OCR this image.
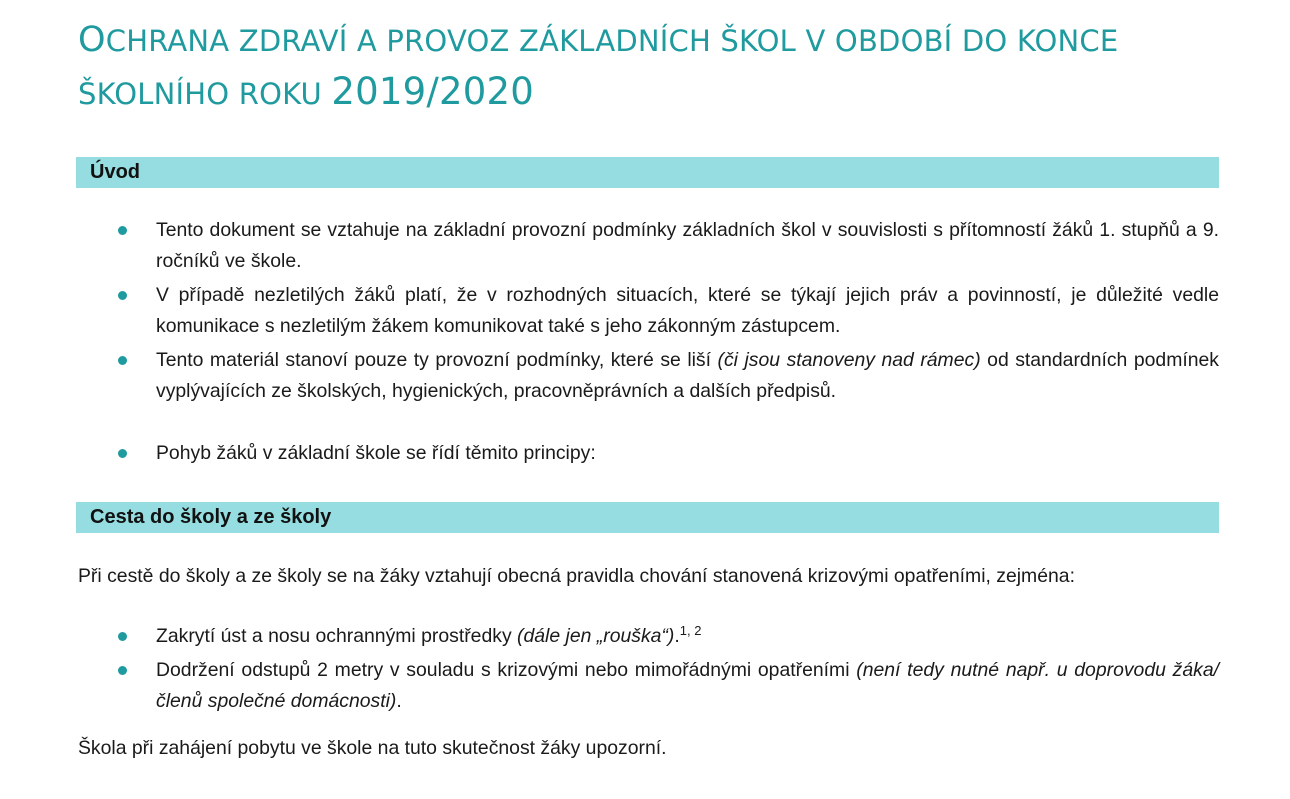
OCHRANA ZDRAVÍ A PROVOZ ZÁKLADNÍCH ŠKOL V OBDOBÍ DO KONCE
ŠKOLNÍHO ROKU 2019/2020
Úvod
Tento dokument se vztahuje na základní provozní podmínky základních škol v souvislosti s přítomností žáků 1. stupňů a 9. ročníků ve škole.
V případě nezletilých žáků platí, že v rozhodných situacích, které se týkají jejich práv a povinností, je důležité vedle komunikace s nezletilým žákem komunikovat také s jeho zákonným zástupcem.
Tento materiál stanoví pouze ty provozní podmínky, které se liší (či jsou stanoveny nad rámec) od standardních podmínek vyplývajících ze školských, hygienických, pracovněprávních a dalších předpisů.
Pohyb žáků v základní škole se řídí těmito principy:
Cesta do školy a ze školy

Při cestě do školy a ze školy se na žáky vztahují obecná pravidla chování stanovená krizovými opatřeními, zejména:

Zakrytí úst a nosu ochrannými prostředky (dále jen „rouška“).$^{1, 2}$
Dodržení odstupů 2 metry v souladu s krizovými nebo mimořádnými opatřeními (není tedy nutné např. u doprovodu žáka/členů společné domácnosti).

Škola při zahájení pobytu ve škole na tuto skutečnost žáky upozorní.
